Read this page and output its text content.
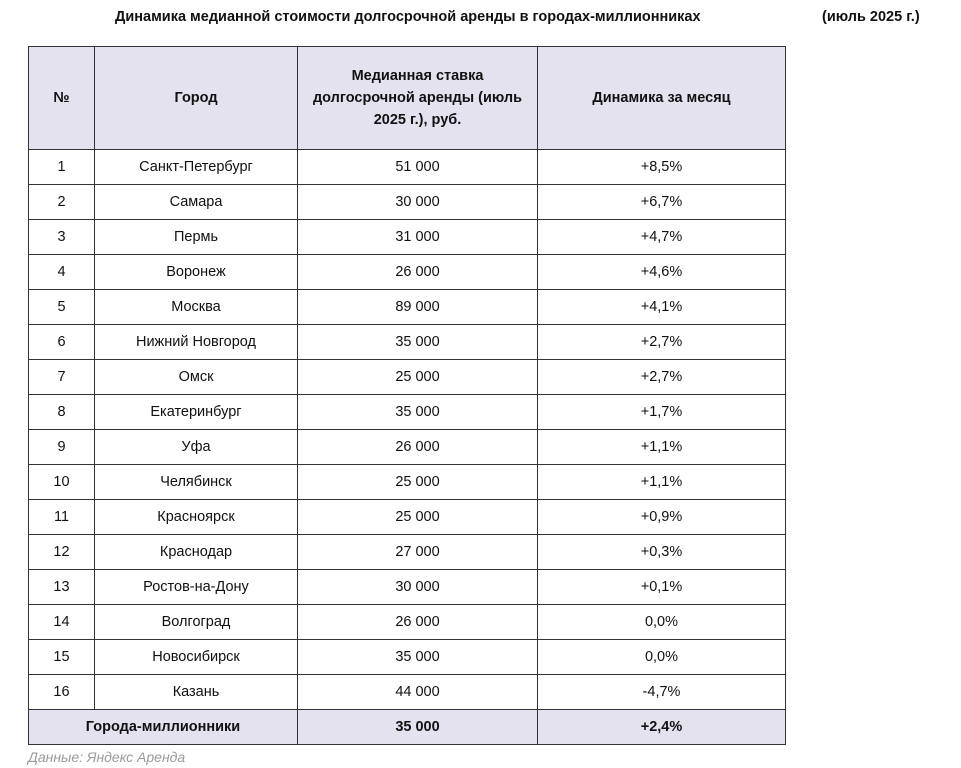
Динамика медианной стоимости долгосрочной аренды в городах-миллионниках	(июль 2025 г.)
№	Город	Медианная ставка долгосрочной аренды (июль 2025 г.), руб.	Динамика за месяц
1	Санкт-Петербург	51 000	+8,5%
2	Самара	30 000	+6,7%
3	Пермь	31 000	+4,7%
4	Воронеж	26 000	+4,6%
5	Москва	89 000	+4,1%
6	Нижний Новгород	35 000	+2,7%
7	Омск	25 000	+2,7%
8	Екатеринбург	35 000	+1,7%
9	Уфа	26 000	+1,1%
10	Челябинск	25 000	+1,1%
11	Красноярск	25 000	+0,9%
12	Краснодар	27 000	+0,3%
13	Ростов-на-Дону	30 000	+0,1%
14	Волгоград	26 000	0,0%
15	Новосибирск	35 000	0,0%
16	Казань	44 000	-4,7%
Города-миллионники		35 000	+2,4%
Данные: Яндекс Аренда
